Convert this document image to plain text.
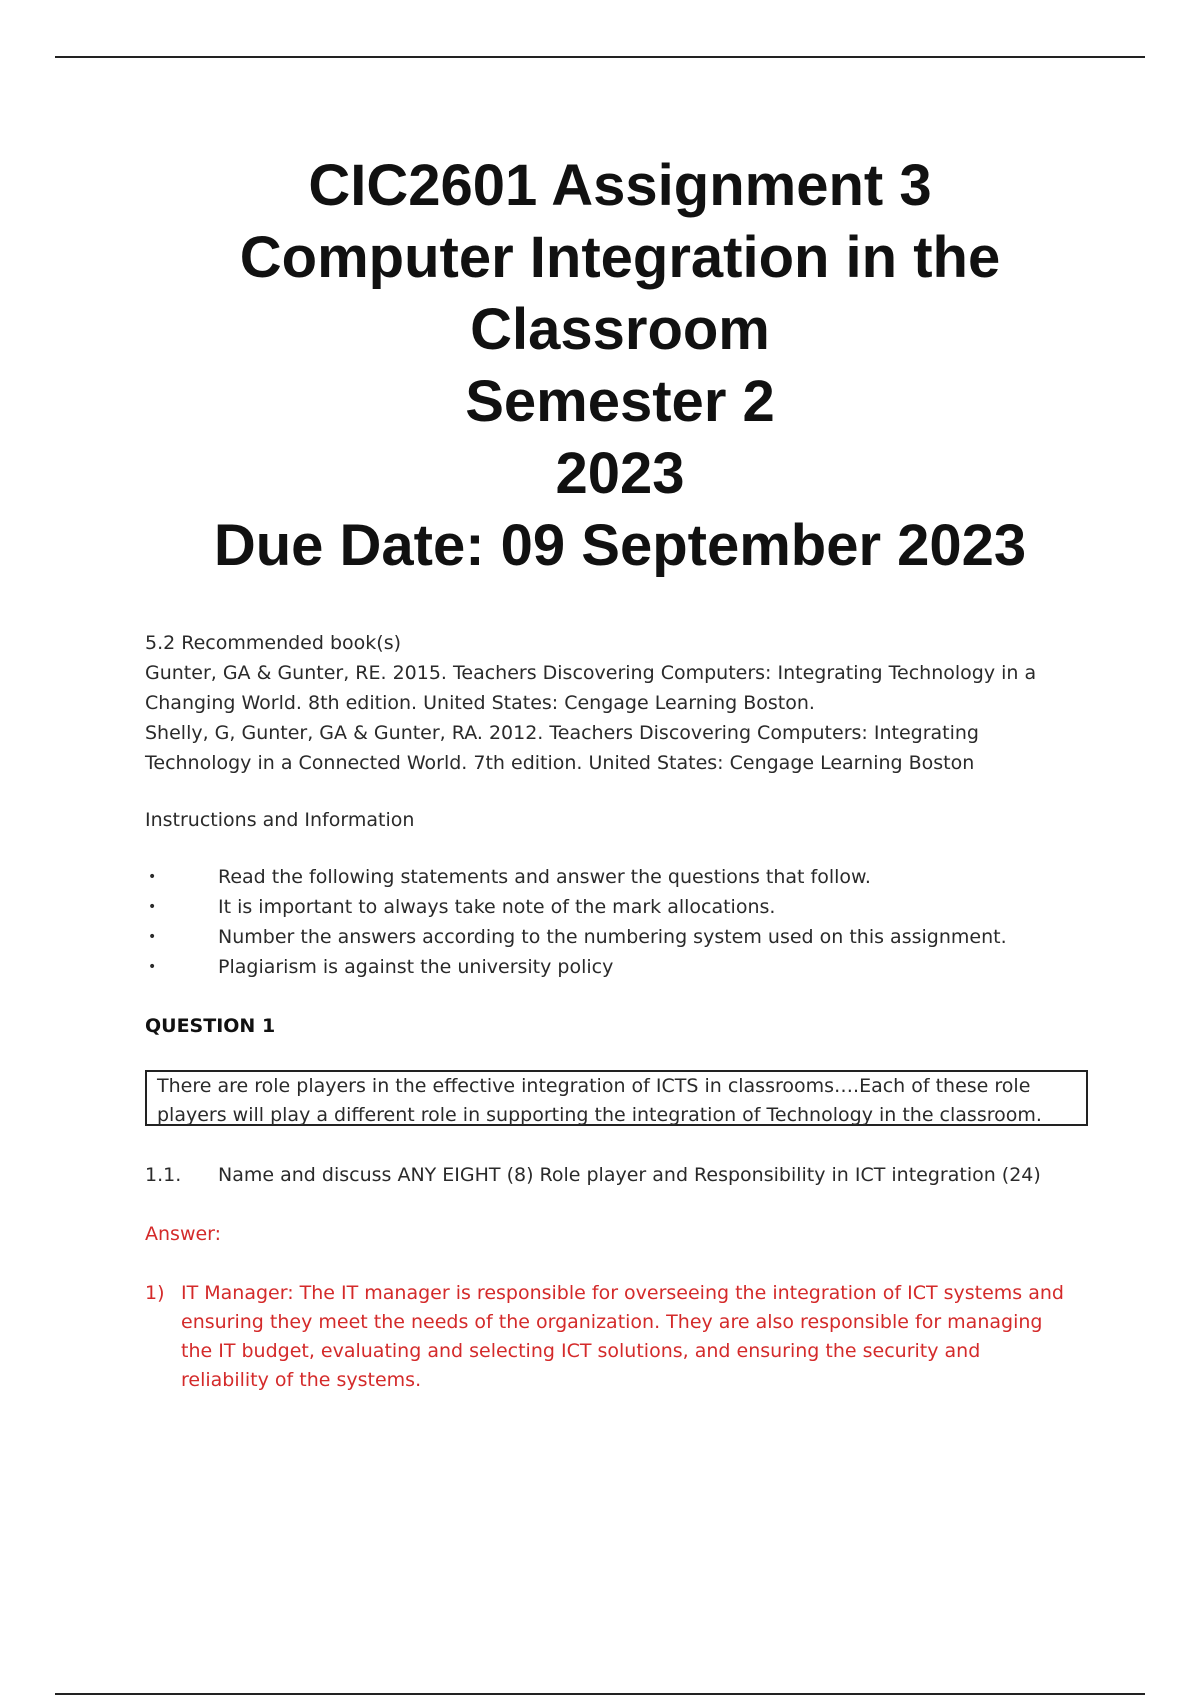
CIC2601 Assignment 3
Computer Integration in the
Classroom
Semester 2
2023
Due Date: 09 September 2023
5.2 Recommended book(s)
Gunter, GA & Gunter, RE. 2015. Teachers Discovering Computers: Integrating Technology in a
Changing World. 8th edition. United States: Cengage Learning Boston.
Shelly, G, Gunter, GA & Gunter, RA. 2012. Teachers Discovering Computers: Integrating
Technology in a Connected World. 7th edition. United States: Cengage Learning Boston
Instructions and Information
•	Read the following statements and answer the questions that follow.
•	It is important to always take note of the mark allocations.
•	Number the answers according to the numbering system used on this assignment.
•	Plagiarism is against the university policy
QUESTION 1
There are role players in the effective integration of ICTS in classrooms….Each of these role
players will play a different role in supporting the integration of Technology in the classroom.
1.1. Name and discuss ANY EIGHT (8) Role player and Responsibility in ICT integration (24)
Answer:
1) IT Manager: The IT manager is responsible for overseeing the integration of ICT systems and
ensuring they meet the needs of the organization. They are also responsible for managing
the IT budget, evaluating and selecting ICT solutions, and ensuring the security and
reliability of the systems.
